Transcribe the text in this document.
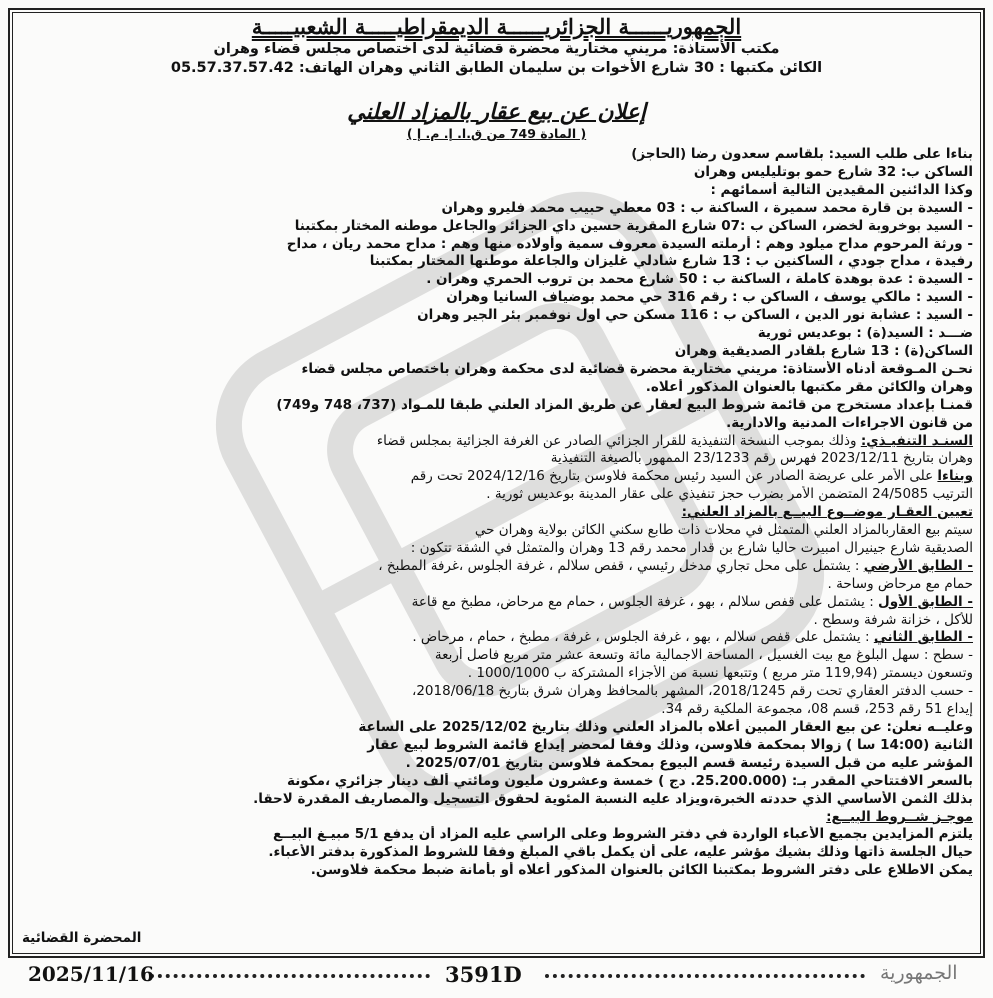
الجمهوريــــــة الجزائريــــــة الديمقراطيـــــة الشعبيـــــة

مكتب الأستاذة: مريني مختارية محضرة قضائية لدى اختصاص مجلس قضاء وهران

الكائن مكتبها : 30 شارع الأخوات بن سليمان الطابق الثاني وهران الهاتف: 05.57.37.57.42

إعلان عن بيع عقار بالمزاد العلني

( المادة 749 من ق.ا. إ. م. إ )

بناءا على طلب السيد: بلقاسم سعدون رضا (الحاجز)

الساكن ب: 32 شارع حمو بوتليليس وهران

وكذا الدائنين المقيدين التالية أسمائهم :

- السيدة بن قارة محمد سميرة ، الساكنة ب : 03 معطي حبيب محمد فليرو وهران

- السيد بوخروبة لخضر، الساكن ب :07 شارع المقرية حسين داي الجزائر والجاعل موطنه المختار بمكتبنا

- ورثة المرحوم مداح ميلود وهم : أرملته السيدة معروف سمية وأولاده منها وهم : مداح محمد ريان ، مداح

رفيدة ، مداح جودي ، الساكنين ب : 13 شارع شادلي غليزان والجاعلة موطنها المختار بمكتبنا

- السيدة : عدة بوهدة كاملة ، الساكنة ب : 50 شارع محمد بن تروب الحمري وهران .

- السيد : مالكي يوسف ، الساكن ب : رقم 316 حي محمد بوضياف السانيا وهران

- السيد : عشابة نور الدين ، الساكن ب : 116 مسكن حي اول نوفمبر بئر الجير وهران

ضـــد : السيد(ة) : بوعديس ثورية

الساكن(ة) : 13 شارع بلقادر الصديقية وهران

نحـن المـوقعة أدناه الأستاذة: مريني مختارية محضرة قضائية لدى محكمة وهران باختصاص مجلس قضاء

وهران والكائن مقر مكتبها بالعنوان المذكور أعلاه.

قمنـا بإعداد مستخرج من قائمة شروط البيع لعقار عن طريق المزاد العلني طبقا للمـواد (737، 748 و749)

من قانون الاجراءات المدنية والادارية.

السنـد التنفيـذي: وذلك بموجب النسخة التنفيذية للقرار الجزائي الصادر عن الغرفة الجزائية بمجلس قضاء

وهران بتاريخ 2023/12/11 فهرس رقم 23/1233 الممهور بالصيغة التنفيذية

وبناءا على الأمر على عريضة الصادر عن السيد رئيس محكمة فلاوسن بتاريخ 2024/12/16 تحت رقم

الترتيب 24/5085 المتضمن الأمر بضرب حجز تنفيذي على عقار المدينة بوعديس ثورية .

تعيين العقـار موضــوع البيــع بالمزاد العلني:

سيتم بيع العقاربالمزاد العلني المتمثل في محلات ذات طابع سكني الكائن بولاية وهران حي

الصديقية شارع جينيرال امبيرت حاليا شارع بن قدار محمد رقم 13 وهران والمتمثل في الشقة تتكون :

- الطابق الأرضي : يشتمل على محل تجاري مدخل رئيسي ، قفص سلالم ، غرفة الجلوس ،غرفة المطبخ ،

حمام مع مرحاض وساحة .

- الطابق الأول : يشتمل على قفص سلالم ، بهو ، غرفة الجلوس ، حمام مع مرحاض، مطبخ مع قاعة

للأكل ، خزانة شرفة وسطح .

- الطابق الثاني : يشتمل على قفص سلالم ، بهو ، غرفة الجلوس ، غرفة ، مطبخ ، حمام ، مرحاض .

- سطح : سهل البلوغ مع بيت الغسيل ، المساحة الاجمالية مائة وتسعة عشر متر مربع فاصل أربعة

وتسعون ديسمتر (119,94 متر مربع ) وتتبعها نسبة من الأجزاء المشتركة ب 1000/1000 .

- حسب الدفتر العقاري تحت رقم 2018/1245، المشهر بالمحافظ وهران شرق بتاريخ 2018/06/18،

إيداع 51 رقم 253، قسم 08، مجموعة الملكية رقم 34.

وعليــه نعلن: عن بيع العقار المبين أعلاه بالمزاد العلني وذلك بتاريخ 2025/12/02 على الساعة

الثانية (14:00 سا ) زوالا بمحكمة فلاوسن، وذلك وفقا لمحضر إيداع قائمة الشروط لبيع عقار

المؤشر عليه من قبل السيدة رئيسة قسم البيوع بمحكمة فلاوسن بتاريخ 2025/07/01 .

بالسعر الافتتاحي المقدر بـ: (25.200.000. دج ) خمسة وعشرون مليون ومائتي ألف دينار جزائري ،مكونة

بذلك الثمن الأساسي الذي حددته الخبرة،ويزاد عليه النسبة المئوية لحقوق التسجيل والمصاريف المقدرة لاحقا.

موجـز شــروط البيــع:

يلتزم المزايدين بجميع الأعباء الواردة في دفتر الشروط وعلى الراسي عليه المزاد أن يدفع 5/1 مبيـغ البيــع

حيال الجلسة ذاتها وذلك بشيك مؤشر عليه، على أن يكمل باقي المبلغ وفقا للشروط المذكورة بدفتر الأعباء.

يمكن الاطلاع على دفتر الشروط بمكتبنا الكائن بالعنوان المذكور أعلاه أو بأمانة ضبط محكمة فلاوسن.

المحضرة القضائية
2025/11/16	3591D	الجمهورية
